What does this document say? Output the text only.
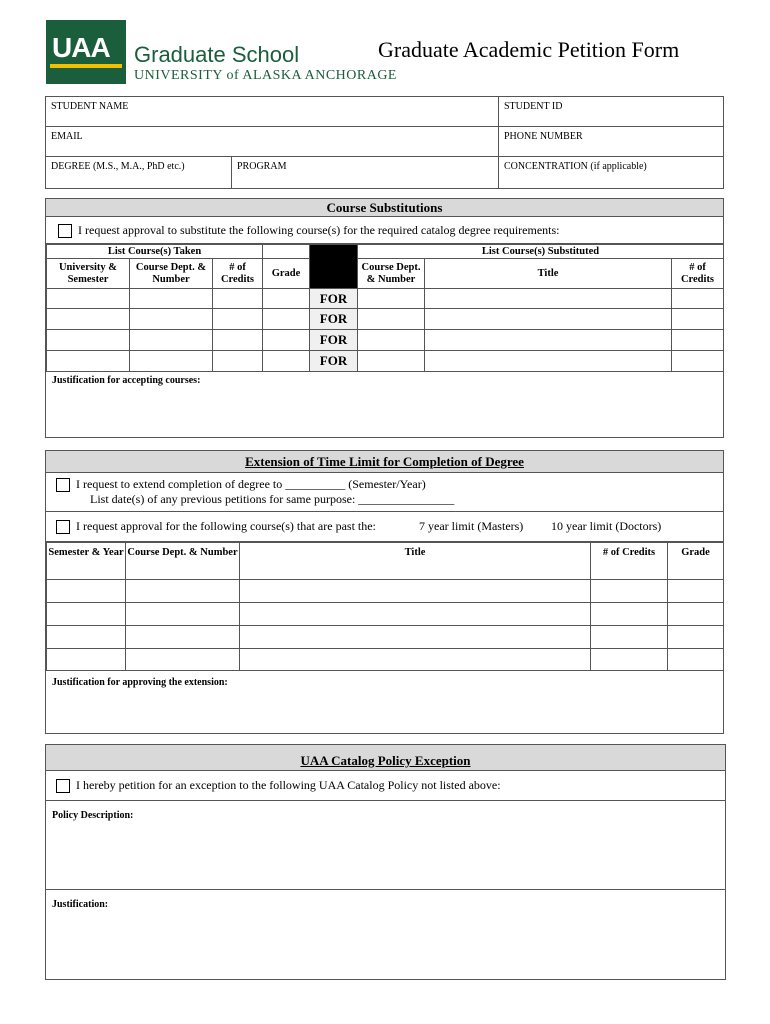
UAA Graduate School
UNIVERSITY of ALASKA ANCHORAGE
Graduate Academic Petition Form
STUDENT NAME		STUDENT ID
EMAIL		PHONE NUMBER
DEGREE (M.S., M.A., PhD etc.)	PROGRAM	CONCENTRATION (if applicable)
Course Substitutions
I request approval to substitute the following course(s) for the required catalog degree requirements:
List Course(s) Taken					List Course(s) Substituted		
University & Semester	Course Dept. & Number	# of Credits	Grade		Course Dept. & Number	Title	# of Credits
				FOR			
				FOR			
				FOR			
				FOR			
Justification for accepting courses:
Extension of Time Limit for Completion of Degree
I request to extend completion of degree to __________ (Semester/Year)
List date(s) of any previous petitions for same purpose: ________________
I request approval for the following course(s) that are past the:	7 year limit (Masters) 10 year limit (Doctors)
Semester & Year	Course Dept. & Number	Title	# of Credits	Grade

Justification for approving the extension:
UAA Catalog Policy Exception
I hereby petition for an exception to the following UAA Catalog Policy not listed above:
Policy Description:
Justification:
